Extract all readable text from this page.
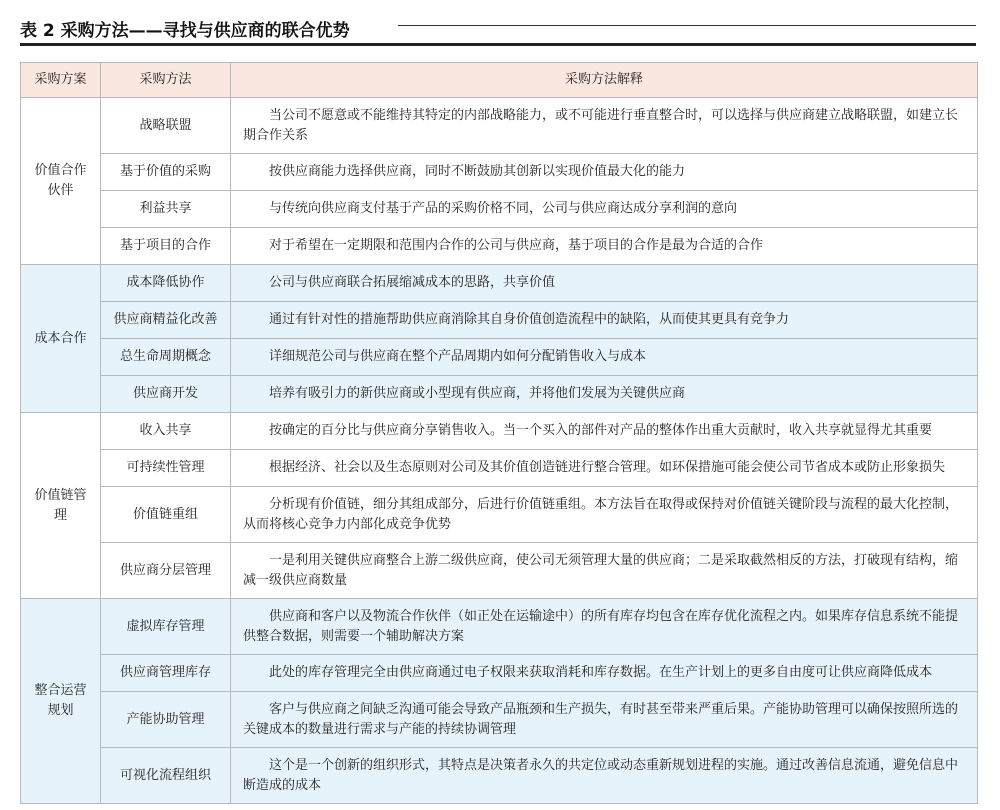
表 2 采购方法——寻找与供应商的联合优势
采购方案	采购方法	采购方法解释
价值合作伙伴	战略联盟	当公司不愿意或不能维持其特定的内部战略能力，或不可能进行垂直整合时，可以选择与供应商建立战略联盟，如建立长期合作关系
	基于价值的采购	按供应商能力选择供应商，同时不断鼓励其创新以实现价值最大化的能力
	利益共享	与传统向供应商支付基于产品的采购价格不同，公司与供应商达成分享利润的意向
	基于项目的合作	对于希望在一定期限和范围内合作的公司与供应商，基于项目的合作是最为合适的合作
成本合作	成本降低协作	公司与供应商联合拓展缩减成本的思路，共享价值
	供应商精益化改善	通过有针对性的措施帮助供应商消除其自身价值创造流程中的缺陷，从而使其更具有竞争力
	总生命周期概念	详细规范公司与供应商在整个产品周期内如何分配销售收入与成本
	供应商开发	培养有吸引力的新供应商或小型现有供应商，并将他们发展为关键供应商
价值链管理	收入共享	按确定的百分比与供应商分享销售收入。当一个买入的部件对产品的整体作出重大贡献时，收入共享就显得尤其重要
	可持续性管理	根据经济、社会以及生态原则对公司及其价值创造链进行整合管理。如环保措施可能会使公司节省成本或防止形象损失
	价值链重组	分析现有价值链，细分其组成部分，后进行价值链重组。本方法旨在取得或保持对价值链关键阶段与流程的最大化控制，从而将核心竞争力内部化成竞争优势
	供应商分层管理	一是利用关键供应商整合上游二级供应商，使公司无须管理大量的供应商；二是采取截然相反的方法，打破现有结构，缩减一级供应商数量
整合运营规划	虚拟库存管理	供应商和客户以及物流合作伙伴（如正处在运输途中）的所有库存均包含在库存优化流程之内。如果库存信息系统不能提供整合数据，则需要一个辅助解决方案
	供应商管理库存	此处的库存管理完全由供应商通过电子权限来获取消耗和库存数据。在生产计划上的更多自由度可让供应商降低成本
	产能协助管理	客户与供应商之间缺乏沟通可能会导致产品瓶颈和生产损失，有时甚至带来严重后果。产能协助管理可以确保按照所选的关键成本的数量进行需求与产能的持续协调管理
	可视化流程组织	这个是一个创新的组织形式，其特点是决策者永久的共定位或动态重新规划进程的实施。通过改善信息流通，避免信息中断造成的成本
